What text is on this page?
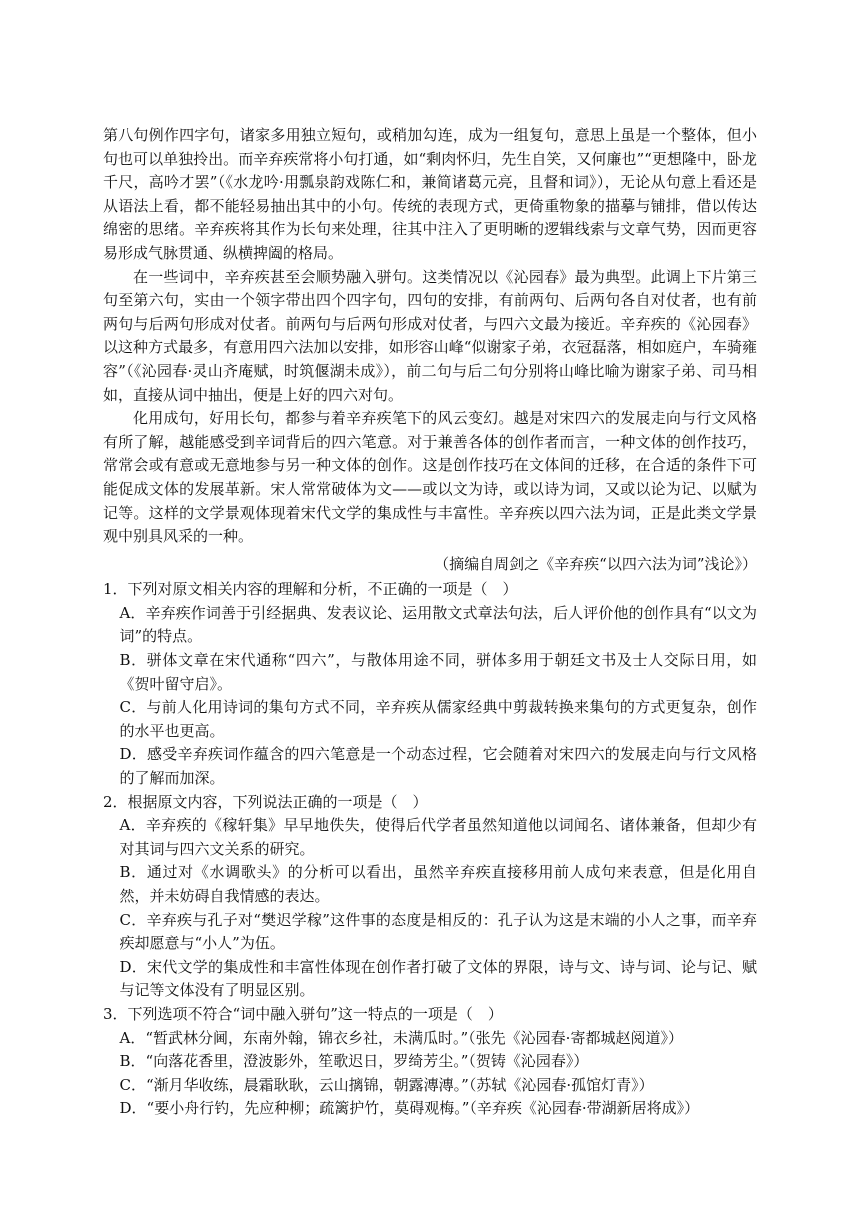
第八句例作四字句，诸家多用独立短句，或稍加勾连，成为一组复句，意思上虽是一个整体，但小句也可以单独拎出。而辛弃疾常将小句打通，如“剩肉怀归，先生自笑，又何廉也”“更想隆中，卧龙千尺，高吟才罢”（《水龙吟·用瓢泉韵戏陈仁和，兼简诸葛元亮，且督和词》），无论从句意上看还是从语法上看，都不能轻易抽出其中的小句。传统的表现方式，更倚重物象的描摹与铺排，借以传达绵密的思绪。辛弃疾将其作为长句来处理，往其中注入了更明晰的逻辑线索与文章气势，因而更容易形成气脉贯通、纵横捭阖的格局。

在一些词中，辛弃疾甚至会顺势融入骈句。这类情况以《沁园春》最为典型。此调上下片第三句至第六句，实由一个领字带出四个四字句，四句的安排，有前两句、后两句各自对仗者，也有前两句与后两句形成对仗者。前两句与后两句形成对仗者，与四六文最为接近。辛弃疾的《沁园春》以这种方式最多，有意用四六法加以安排，如形容山峰“似谢家子弟，衣冠磊落，相如庭户，车骑雍容”（《沁园春·灵山齐庵赋，时筑偃湖未成》），前二句与后二句分别将山峰比喻为谢家子弟、司马相如，直接从词中抽出，便是上好的四六对句。

化用成句，好用长句，都参与着辛弃疾笔下的风云变幻。越是对宋四六的发展走向与行文风格有所了解，越能感受到辛词背后的四六笔意。对于兼善各体的创作者而言，一种文体的创作技巧，常常会或有意或无意地参与另一种文体的创作。这是创作技巧在文体间的迁移，在合适的条件下可能促成文体的发展革新。宋人常常破体为文——或以文为诗，或以诗为词，又或以论为记、以赋为记等。这样的文学景观体现着宋代文学的集成性与丰富性。辛弃疾以四六法为词，正是此类文学景观中别具风采的一种。

（摘编自周剑之《辛弃疾“以四六法为词”浅论》）

1．下列对原文相关内容的理解和分析，不正确的一项是（　）

A．辛弃疾作词善于引经据典、发表议论、运用散文式章法句法，后人评价他的创作具有“以文为词”的特点。

B．骈体文章在宋代通称“四六”，与散体用途不同，骈体多用于朝廷文书及士人交际日用，如《贺叶留守启》。

C．与前人化用诗词的集句方式不同，辛弃疾从儒家经典中剪裁转换来集句的方式更复杂，创作的水平也更高。

D．感受辛弃疾词作蕴含的四六笔意是一个动态过程，它会随着对宋四六的发展走向与行文风格的了解而加深。

2．根据原文内容，下列说法正确的一项是（　）

A．辛弃疾的《稼轩集》早早地佚失，使得后代学者虽然知道他以词闻名、诸体兼备，但却少有对其词与四六文关系的研究。

B．通过对《水调歌头》的分析可以看出，虽然辛弃疾直接移用前人成句来表意，但是化用自然，并未妨碍自我情感的表达。

C．辛弃疾与孔子对“樊迟学稼”这件事的态度是相反的：孔子认为这是末端的小人之事，而辛弃疾却愿意与“小人”为伍。

D．宋代文学的集成性和丰富性体现在创作者打破了文体的界限，诗与文、诗与词、论与记、赋与记等文体没有了明显区别。

3．下列选项不符合“词中融入骈句”这一特点的一项是（　）

A．“暂武林分阃，东南外翰，锦衣乡社，未满瓜时。”（张先《沁园春·寄都城赵阅道》）

B．“向落花香里，澄波影外，笙歌迟日，罗绮芳尘。”（贺铸《沁园春》）

C．“渐月华收练，晨霜耿耿，云山摛锦，朝露漙漙。”（苏轼《沁园春·孤馆灯青》）

D．“要小舟行钓，先应种柳；疏篱护竹，莫碍观梅。”（辛弃疾《沁园春·带湖新居将成》）
